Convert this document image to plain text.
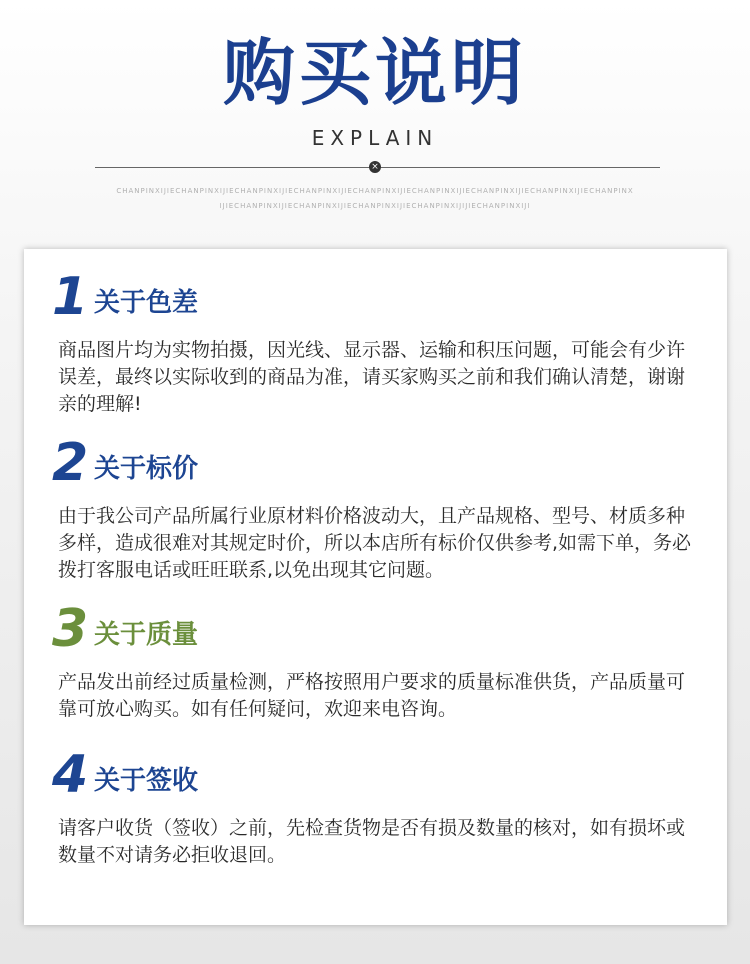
购买说明
EXPLAIN
×
CHANPINXIJIECHANPINXIJIECHANPINXIJIECHANPINXIJIECHANPINXIJIECHANPINXIJIECHANPINXIJIECHANPINXIJIECHANPINX
IJIECHANPINXIJIECHANPINXIJIECHANPINXIJIECHANPINXIJIJIECHANPINXIJI
1 关于色差
商品图片均为实物拍摄，因光线、显示器、运输和积压问题，可能会有少许误差，最终以实际收到的商品为准，请买家购买之前和我们确认清楚，谢谢亲的理解!
2 关于标价
由于我公司产品所属行业原材料价格波动大，且产品规格、型号、材质多种多样，造成很难对其规定时价，所以本店所有标价仅供参考,如需下单，务必拨打客服电话或旺旺联系,以免出现其它问题。
3 关于质量
产品发出前经过质量检测，严格按照用户要求的质量标准供货，产品质量可靠可放心购买。如有任何疑问，欢迎来电咨询。
4 关于签收
请客户收货（签收）之前，先检查货物是否有损及数量的核对，如有损坏或数量不对请务必拒收退回。
